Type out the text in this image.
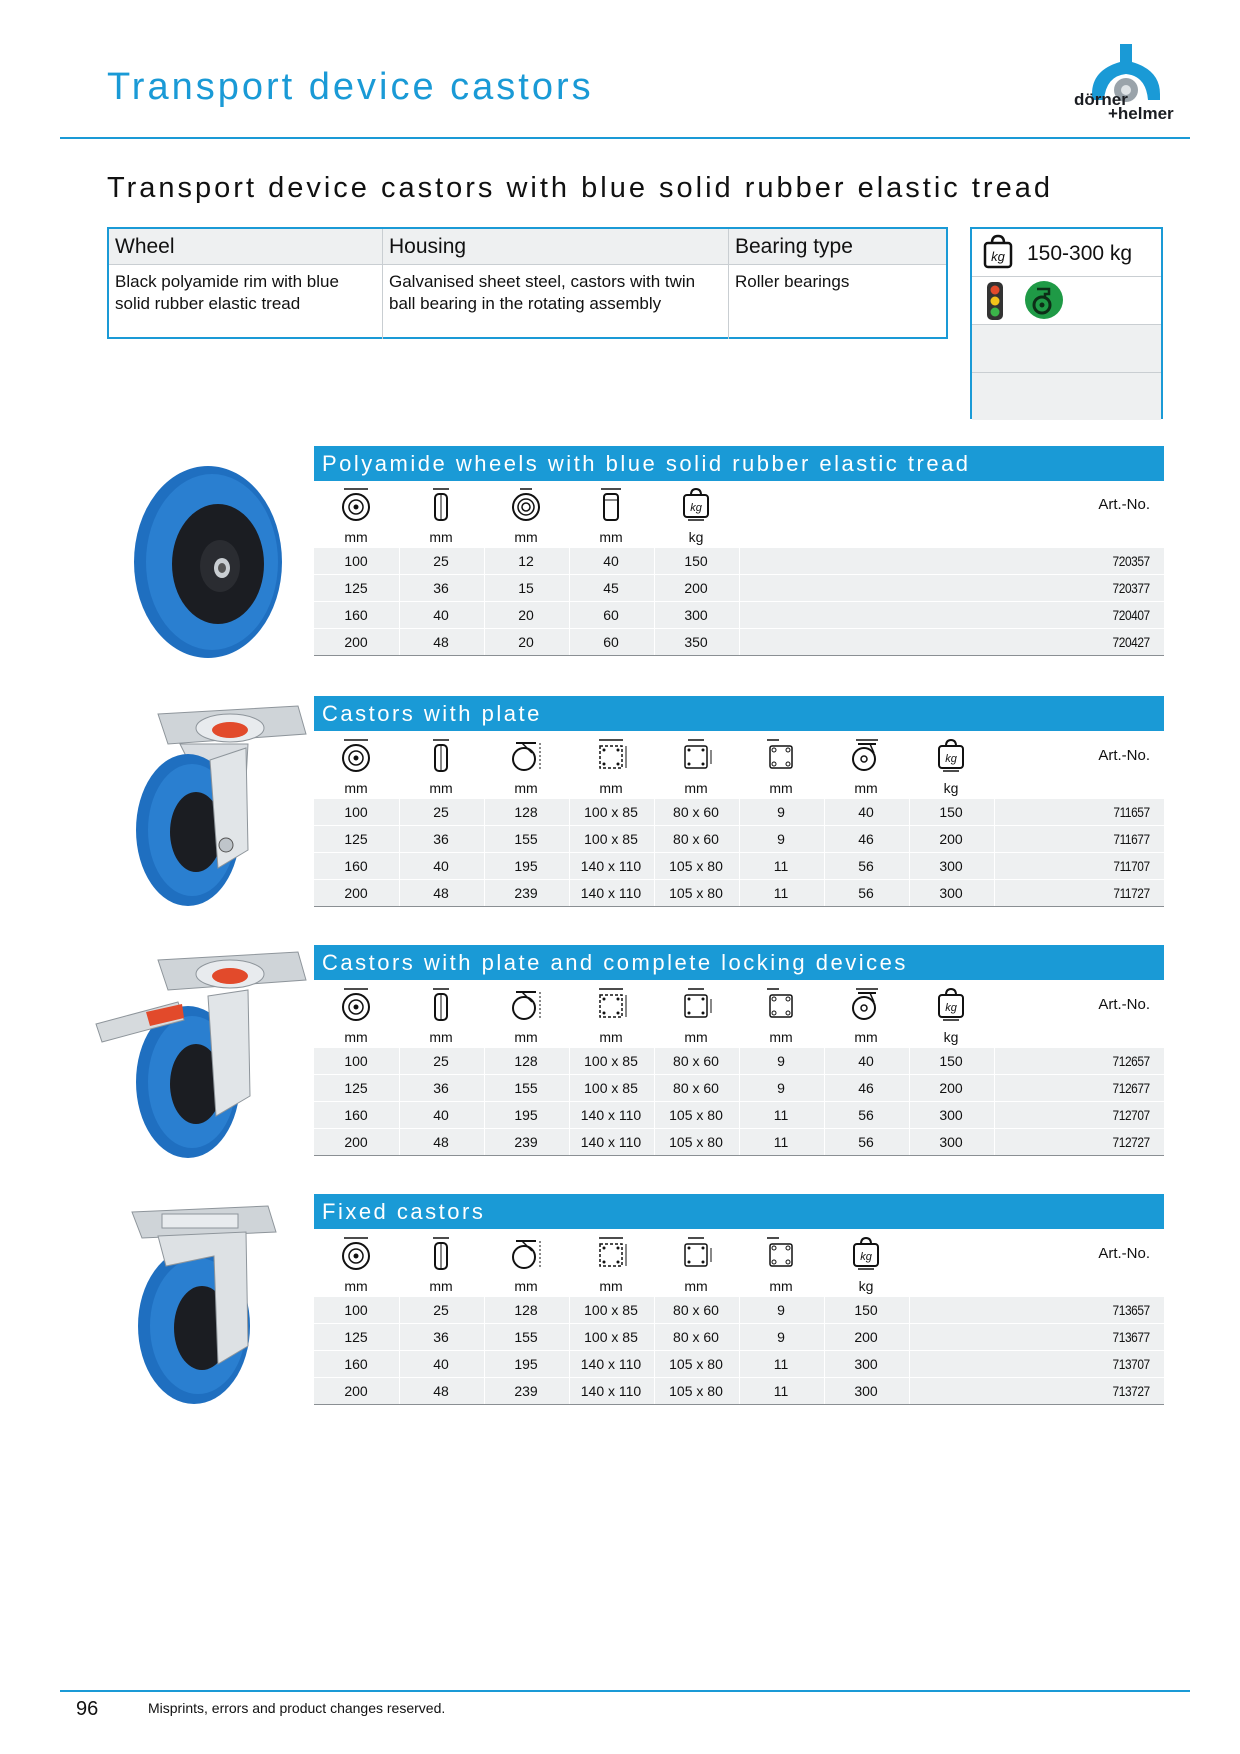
Transport device castors	dörner
+helmer
Transport device castors with blue solid rubber elastic tread
Wheel	Housing	Bearing type
Black polyamide rim with blue solid rubber elastic tread
Galvanised sheet steel, castors with twin ball bearing in the rotating assembly
Roller bearings
kg 150-300 kg
Polyamide wheels with blue solid rubber elastic tread
kg	Art.-No.
mm	mm	mm	mm	kg
100	25	12	40	150	720357
125	36	15	45	200	720377
160	40	20	60	300	720407
200	48	20	60	350	720427
Castors with plate
kg	Art.-No.
mm	mm	mm	mm	mm	mm	mm	kg
100	25	128	100 x 85	80 x 60	9	40	150	711657
125	36	155	100 x 85	80 x 60	9	46	200	711677
160	40	195	140 x 110	105 x 80	11	56	300	711707
200	48	239	140 x 110	105 x 80	11	56	300	711727
Castors with plate and complete locking devices
kg	Art.-No.
mm	mm	mm	mm	mm	mm	mm	kg
100	25	128	100 x 85	80 x 60	9	40	150	712657
125	36	155	100 x 85	80 x 60	9	46	200	712677
160	40	195	140 x 110	105 x 80	11	56	300	712707
200	48	239	140 x 110	105 x 80	11	56	300	712727
Fixed castors
kg	Art.-No.
mm	mm	mm	mm	mm	mm	kg
100	25	128	100 x 85	80 x 60	9	150	713657
125	36	155	100 x 85	80 x 60	9	200	713677
160	40	195	140 x 110	105 x 80	11	300	713707
200	48	239	140 x 110	105 x 80	11	300	713727
96	Misprints, errors and product changes reserved.
